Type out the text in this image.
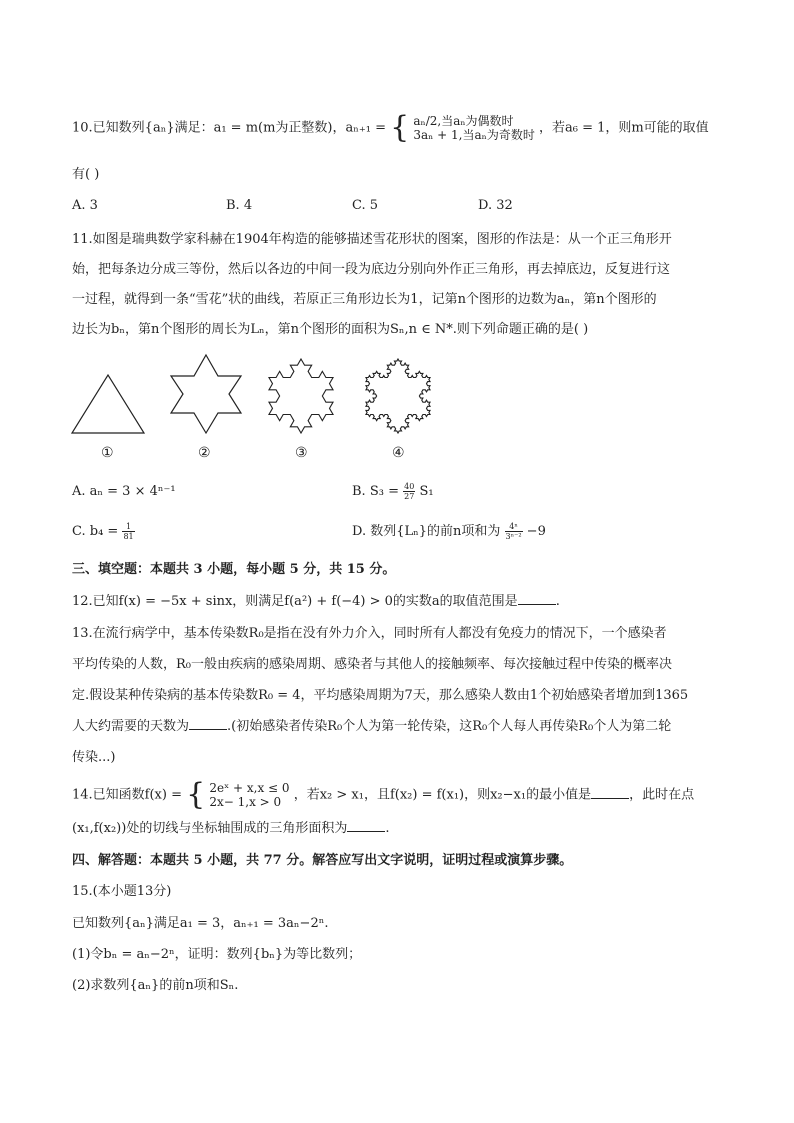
10.已知数列{aₙ}满足：a₁ = m(m为正整数)，aₙ₊₁ = { aₙ/2,当aₙ为偶数时
3aₙ + 1,当aₙ为奇数时 ，若a₆ = 1，则m可能的取值
有( )
A. 3	B. 4	C. 5	D. 32
11.如图是瑞典数学家科赫在1904年构造的能够描述雪花形状的图案，图形的作法是：从一个正三角形开
始，把每条边分成三等份，然后以各边的中间一段为底边分别向外作正三角形，再去掉底边，反复进行这
一过程，就得到一条“雪花”状的曲线，若原正三角形边长为1，记第n个图形的边数为aₙ，第n个图形的
边长为bₙ，第n个图形的周长为Lₙ，第n个图形的面积为Sₙ,n ∈ N*.则下列命题正确的是( )
①	②	③	④
A. aₙ = 3 × 4ⁿ⁻¹	B. $S_3 = \frac{40}{27} S_1$
C. $b_4 = \frac{1}{81}$	D. 数列{Lₙ}的前n项和为 $\frac{\text{4ⁿ}}{\text{3ⁿ⁻²}} -9$
三、填空题：本题共 3 小题，每小题 5 分，共 15 分。
12.已知f(x) = −5x + sinx，则满足f(a²) + f(−4) > 0的实数a的取值范围是	.
13.在流行病学中，基本传染数R₀是指在没有外力介入，同时所有人都没有免疫力的情况下，一个感染者
平均传染的人数，R₀一般由疾病的感染周期、感染者与其他人的接触频率、每次接触过程中传染的概率决
定.假设某种传染病的基本传染数R₀ = 4，平均感染周期为7天，那么感染人数由1个初始感染者增加到1365
人大约需要的天数为	.(初始感染者传染R₀个人为第一轮传染，这R₀个人每人再传染R₀个人为第二轮
传染...)
14.已知函数f(x) = { 2eˣ + x,x ≤ 0
2x− 1,x > 0 ，若x₂ > x₁，且f(x₂) = f(x₁)，则x₂−x₁的最小值是	，此时在点
(x₁,f(x₂))处的切线与坐标轴围成的三角形面积为	.
四、解答题：本题共 5 小题，共 77 分。解答应写出文字说明，证明过程或演算步骤。
15.(本小题13分)
已知数列{aₙ}满足a₁ = 3，aₙ₊₁ = 3aₙ−2ⁿ.
(1)令bₙ = aₙ−2ⁿ，证明：数列{bₙ}为等比数列；
(2)求数列{aₙ}的前n项和Sₙ.
